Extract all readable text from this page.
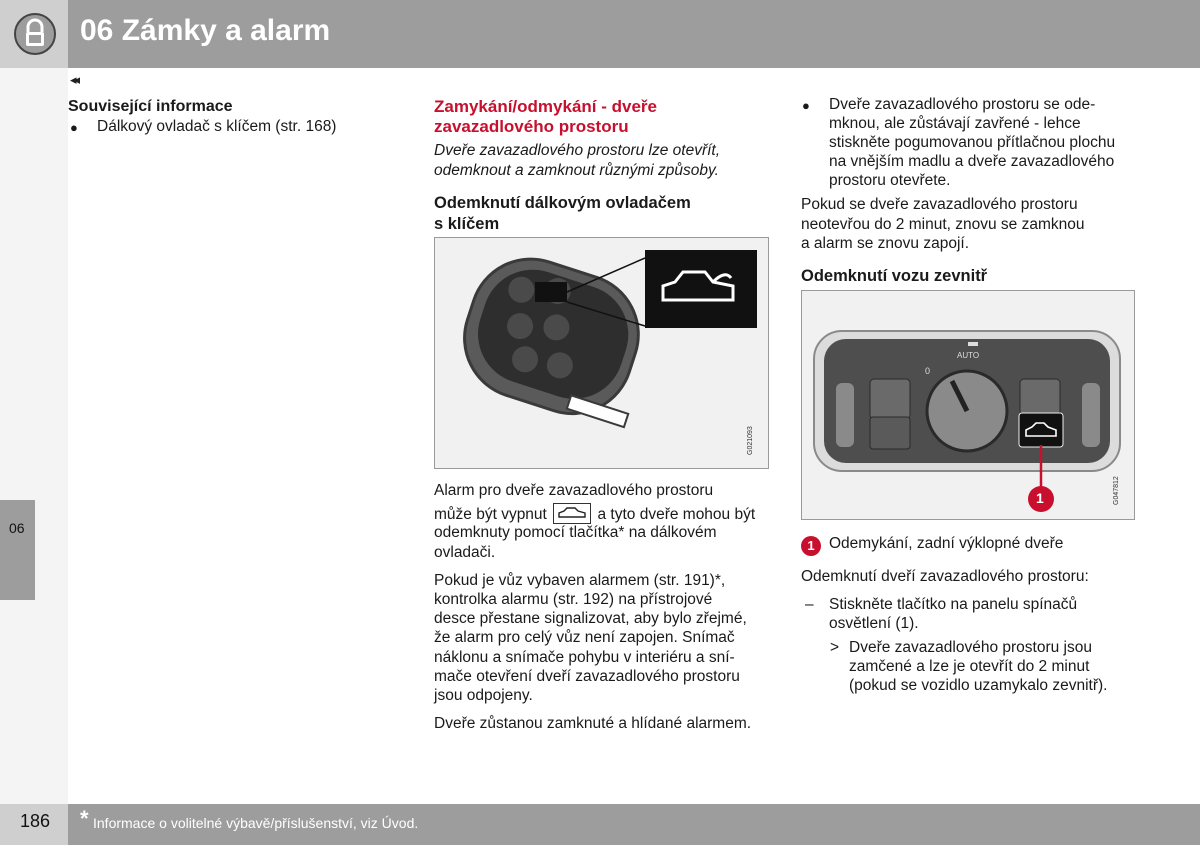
06 Zámky a alarm
06
◂◂
Související informace
● Dálkový ovladač s klíčem (str. 168)
Zamykání/odmykání - dveře
zavazadlového prostoru
Dveře zavazadlového prostoru lze otevřít,
odemknout a zamknout různými způsoby.
Odemknutí dálkovým ovladačem
s klíčem
G021093
Alarm pro dveře zavazadlového prostoru
může být vypnut	a tyto dveře mohou být
odemknuty pomocí tlačítka* na dálkovém
ovladači.
Pokud je vůz vybaven alarmem (str. 191)*,
kontrolka alarmu (str. 192) na přístrojové
desce přestane signalizovat, aby bylo zřejmé,
že alarm pro celý vůz není zapojen. Snímač
náklonu a snímače pohybu v interiéru a sní-
mače otevření dveří zavazadlového prostoru
jsou odpojeny.
Dveře zůstanou zamknuté a hlídané alarmem.
● Dveře zavazadlového prostoru se ode-
mknou, ale zůstávají zavřené - lehce
stiskněte pogumovanou přítlačnou plochu
na vnějším madlu a dveře zavazadlového
prostoru otevřete.
Pokud se dveře zavazadlového prostoru
neotevřou do 2 minut, znovu se zamknou
a alarm se znovu zapojí.
Odemknutí vozu zevnitř
AUTO
0
1	G047812
1 Odemykání, zadní výklopné dveře
Odemknutí dveří zavazadlového prostoru:
– Stiskněte tlačítko na panelu spínačů
osvětlení (1).
> Dveře zavazadlového prostoru jsou
zamčené a lze je otevřít do 2 minut
(pokud se vozidlo uzamykalo zevnitř).
186 * Informace o volitelné výbavě/příslušenství, viz Úvod.
